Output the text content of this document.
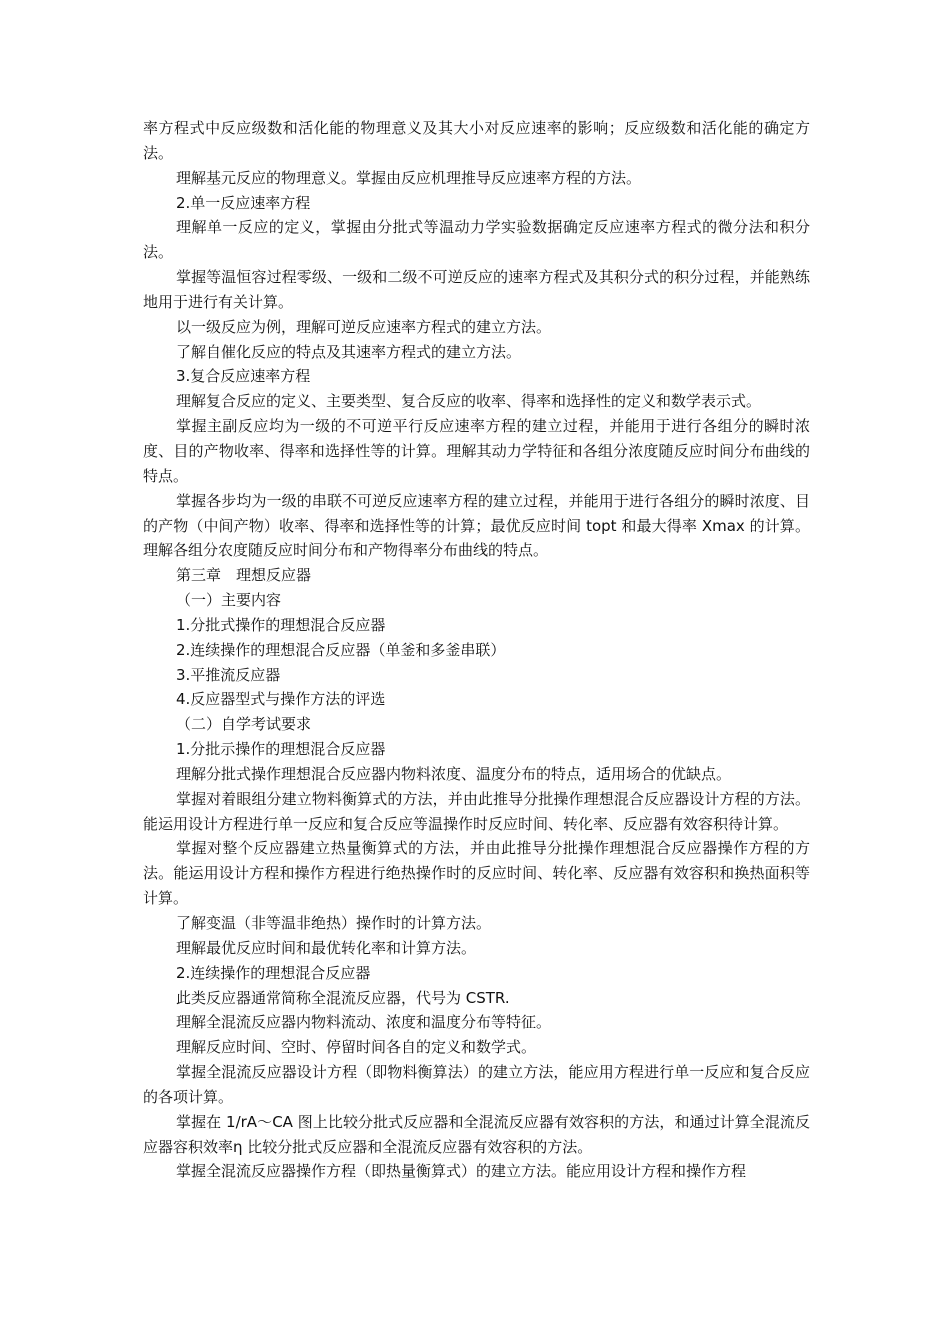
率方程式中反应级数和活化能的物理意义及其大小对反应速率的影响；反应级数和活化能的确定方法。

理解基元反应的物理意义。掌握由反应机理推导反应速率方程的方法。

2.单一反应速率方程

理解单一反应的定义，掌握由分批式等温动力学实验数据确定反应速率方程式的微分法和积分法。

掌握等温恒容过程零级、一级和二级不可逆反应的速率方程式及其积分式的积分过程，并能熟练地用于进行有关计算。

以一级反应为例，理解可逆反应速率方程式的建立方法。

了解自催化反应的特点及其速率方程式的建立方法。

3.复合反应速率方程

理解复合反应的定义、主要类型、复合反应的收率、得率和选择性的定义和数学表示式。

掌握主副反应均为一级的不可逆平行反应速率方程的建立过程，并能用于进行各组分的瞬时浓度、目的产物收率、得率和选择性等的计算。理解其动力学特征和各组分浓度随反应时间分布曲线的特点。

掌握各步均为一级的串联不可逆反应速率方程的建立过程，并能用于进行各组分的瞬时浓度、目的产物（中间产物）收率、得率和选择性等的计算；最优反应时间 topt 和最大得率 Xmax 的计算。理解各组分农度随反应时间分布和产物得率分布曲线的特点。

第三章　理想反应器

（一）主要内容

1.分批式操作的理想混合反应器

2.连续操作的理想混合反应器（单釜和多釜串联）

3.平推流反应器

4.反应器型式与操作方法的评选

（二）自学考试要求

1.分批示操作的理想混合反应器

理解分批式操作理想混合反应器内物料浓度、温度分布的特点，适用场合的优缺点。

掌握对着眼组分建立物料衡算式的方法，并由此推导分批操作理想混合反应器设计方程的方法。能运用设计方程进行单一反应和复合反应等温操作时反应时间、转化率、反应器有效容积待计算。

掌握对整个反应器建立热量衡算式的方法，并由此推导分批操作理想混合反应器操作方程的方法。能运用设计方程和操作方程进行绝热操作时的反应时间、转化率、反应器有效容积和换热面积等计算。

了解变温（非等温非绝热）操作时的计算方法。

理解最优反应时间和最优转化率和计算方法。

2.连续操作的理想混合反应器

此类反应器通常简称全混流反应器，代号为 CSTR.

理解全混流反应器内物料流动、浓度和温度分布等特征。

理解反应时间、空时、停留时间各自的定义和数学式。

掌握全混流反应器设计方程（即物料衡算法）的建立方法，能应用方程进行单一反应和复合反应的各项计算。

掌握在 1/rA～CA 图上比较分批式反应器和全混流反应器有效容积的方法，和通过计算全混流反应器容积效率η 比较分批式反应器和全混流反应器有效容积的方法。

掌握全混流反应器操作方程（即热量衡算式）的建立方法。能应用设计方程和操作方程
